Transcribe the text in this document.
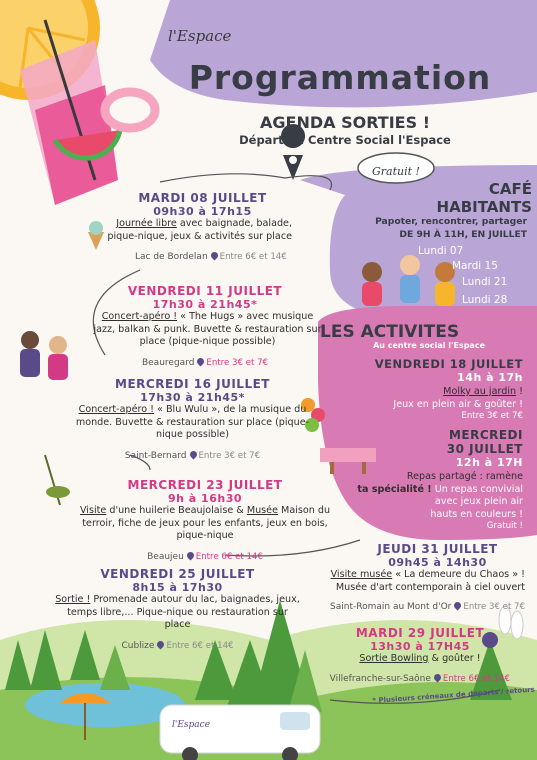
l'Espace
Programmation
AGENDA SORTIES !
Départ du Centre Social l'Espace
Gratuit !
CAFÉ
HABITANTS
Papoter, rencontrer, partager
DE 9H À 11H, EN JUILLET
Lundi 07
Mardi 15
Lundi 21
Lundi 28
MARDI 08 JUILLET
09h30 à 17h15
Journée libre avec baignade, balade, pique-nique, jeux & activités sur place
Lac de Bordelan Entre 6€ et 14€
VENDREDI 11 JUILLET
17h30 à 21h45*
Concert-apéro ! « The Hugs » avec musique jazz, balkan & punk. Buvette & restauration sur place (pique-nique possible)
Beauregard Entre 3€ et 7€
MERCREDI 16 JUILLET
17h30 à 21h45*
Concert-apéro ! « Blu Wulu », de la musique du monde. Buvette & restauration sur place (pique-nique possible)
Saint-Bernard Entre 3€ et 7€
MERCREDI 23 JUILLET
9h à 16h30
Visite d'une huilerie Beaujolaise & Musée Maison du terroir, fiche de jeux pour les enfants, jeux en bois, pique-nique
Beaujeu Entre 6€ et 14€
VENDREDI 25 JUILLET
8h15 à 17h30
Sortie ! Promenade autour du lac, baignades, jeux, temps libre,... Pique-nique ou restauration sur place
Cublize Entre 6€ et 14€
LES ACTIVITES
Au centre social l'Espace
VENDREDI 18 JUILLET
14h à 17h
Molky au jardin !
Jeux en plein air & goûter !
Entre 3€ et 7€
MERCREDI
30 JUILLET
12h à 17H
Repas partagé : ramène
ta spécialité ! Un repas convivial
avec jeux plein air
hauts en couleurs !
Gratuit !
JEUDI 31 JUILLET
09h45 à 14h30
Visite musée « La demeure du Chaos » !
Musée d'art contemporain à ciel ouvert
Saint-Romain au Mont d'Or Entre 3€ et 7€
MARDI 29 JUILLET
13h30 à 17H45
Sortie Bowling & goûter !
Villefranche-sur-Saône Entre 6€ et 14€
* Plusieurs créneaux de départs / retours
l'Espace
